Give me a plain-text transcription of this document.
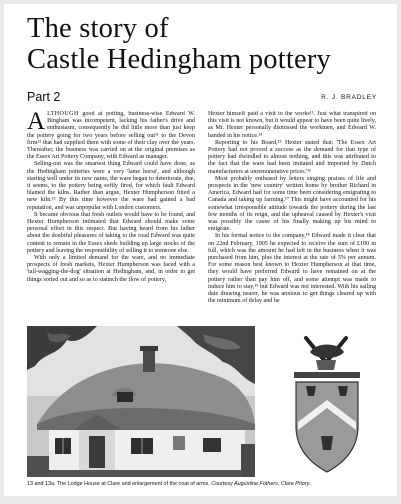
The story of
Castle Hedingham pottery
Part 2	R. J. BRADLEY

ALTHOUGH good at potting, business-wise Edward W. Bingham was incompetent, lacking his father's drive and enthusiasm, consequently he did little more than just keep the pottery going for two years before selling out¹¹ to the Devon firm¹² that had supplied them with some of their clay over the years. Thereafter, the business was carried on at the original premises as the Essex Art Pottery Company, with Edward as manager.

Selling-out was the smartest thing Edward could have done, as the Hedingham potteries were a very 'lame horse', and although starting well under its new name, the ware began to deteriorate, due, it seems, to the pottery being softly fired, for which fault Edward blamed the kilns. Rather than argue, Hexter Humpherson fitted a new kiln.¹³ By this time however the ware had gained a bad reputation, and was unpopular with London customers.

It became obvious that fresh outlets would have to be found, and Hexter Humpherson intimated that Edward should make some personal effort in this respect. But having heard from his father about the doubtful pleasures of taking to the road Edward was quite content to remain in the Essex sheds building up large stocks of the pottery and leaving the responsibility of selling it to someone else.

With only a limited demand for the ware, and no immediate prospects of fresh markets, Hexter Humpherson was faced with a 'tail-wagging-the-dog' situation at Hedingham, and, in order to get things sorted out and so as to staunch the flow of pottery,

Hexter himself paid a visit to the works¹³. Just what transpired on this visit is not known, but it would appear to have been quite lively, as Mr. Hexter personally dismissed the workmen, and Edward W. handed in his notice.¹⁴

Reporting to his Board,¹⁵ Hexter stated that: 'The Essex Art Pottery had not proved a success as the demand for that type of pottery had dwindled to almost nothing, and this was attributed to the fact that the ware had been imitated and imported by Dutch manufacturers at unremunerative prices.'¹⁶

Most probably enthused by letters singing praises of life and prospects in the 'new country' written home by brother Richard in America, Edward had for some time been considering emigrating to Canada and taking up farming.¹⁷ This might have accounted for his somewhat irresponsible attitude towards the pottery during the last few months of its reign, and the upheaval caused by Hexter's visit was possibly the cause of his finally making up his mind to emigrate.

In his formal notice to the company,¹⁸ Edward made it clear that on 22nd February, 1905 he expected to receive the sum of £100 in full, which was the amount he had left in the business when it was purchased from him, plus the interest at the rate of 5% per annum. For some reason best known to Hexter Humpherson at that time, they would have preferred Edward to have remained on at the pottery rather than pay him off, and some attempt was made to induce him to stay,¹⁹ but Edward was not interested. With his sailing date drawing nearer, he was anxious to get things cleared up with the minimum of delay and he

13 and 13a. The Lodge House at Clare and enlargement of the coat of arms. Courtesy Augustine Fothers, Clare Priory.
